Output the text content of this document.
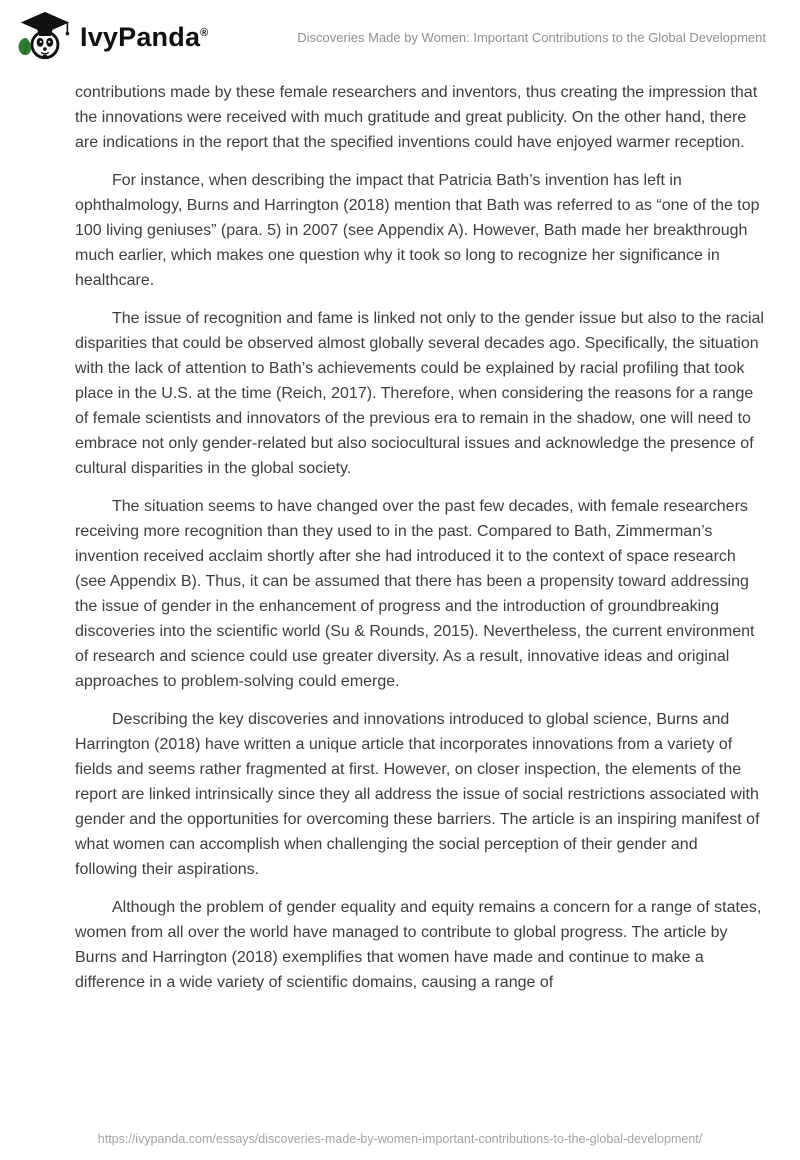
IvyPanda®	Discoveries Made by Women: Important Contributions to the Global Development

contributions made by these female researchers and inventors, thus creating the impression that the innovations were received with much gratitude and great publicity. On the other hand, there are indications in the report that the specified inventions could have enjoyed warmer reception.

For instance, when describing the impact that Patricia Bath’s invention has left in ophthalmology, Burns and Harrington (2018) mention that Bath was referred to as “one of the top 100 living geniuses” (para. 5) in 2007 (see Appendix A). However, Bath made her breakthrough much earlier, which makes one question why it took so long to recognize her significance in healthcare.

The issue of recognition and fame is linked not only to the gender issue but also to the racial disparities that could be observed almost globally several decades ago. Specifically, the situation with the lack of attention to Bath’s achievements could be explained by racial profiling that took place in the U.S. at the time (Reich, 2017). Therefore, when considering the reasons for a range of female scientists and innovators of the previous era to remain in the shadow, one will need to embrace not only gender-related but also sociocultural issues and acknowledge the presence of cultural disparities in the global society.

The situation seems to have changed over the past few decades, with female researchers receiving more recognition than they used to in the past. Compared to Bath, Zimmerman’s invention received acclaim shortly after she had introduced it to the context of space research (see Appendix B). Thus, it can be assumed that there has been a propensity toward addressing the issue of gender in the enhancement of progress and the introduction of groundbreaking discoveries into the scientific world (Su & Rounds, 2015). Nevertheless, the current environment of research and science could use greater diversity. As a result, innovative ideas and original approaches to problem-solving could emerge.

Describing the key discoveries and innovations introduced to global science, Burns and Harrington (2018) have written a unique article that incorporates innovations from a variety of fields and seems rather fragmented at first. However, on closer inspection, the elements of the report are linked intrinsically since they all address the issue of social restrictions associated with gender and the opportunities for overcoming these barriers. The article is an inspiring manifest of what women can accomplish when challenging the social perception of their gender and following their aspirations.

Although the problem of gender equality and equity remains a concern for a range of states, women from all over the world have managed to contribute to global progress. The article by Burns and Harrington (2018) exemplifies that women have made and continue to make a difference in a wide variety of scientific domains, causing a range of

https://ivypanda.com/essays/discoveries-made-by-women-important-contributions-to-the-global-development/
